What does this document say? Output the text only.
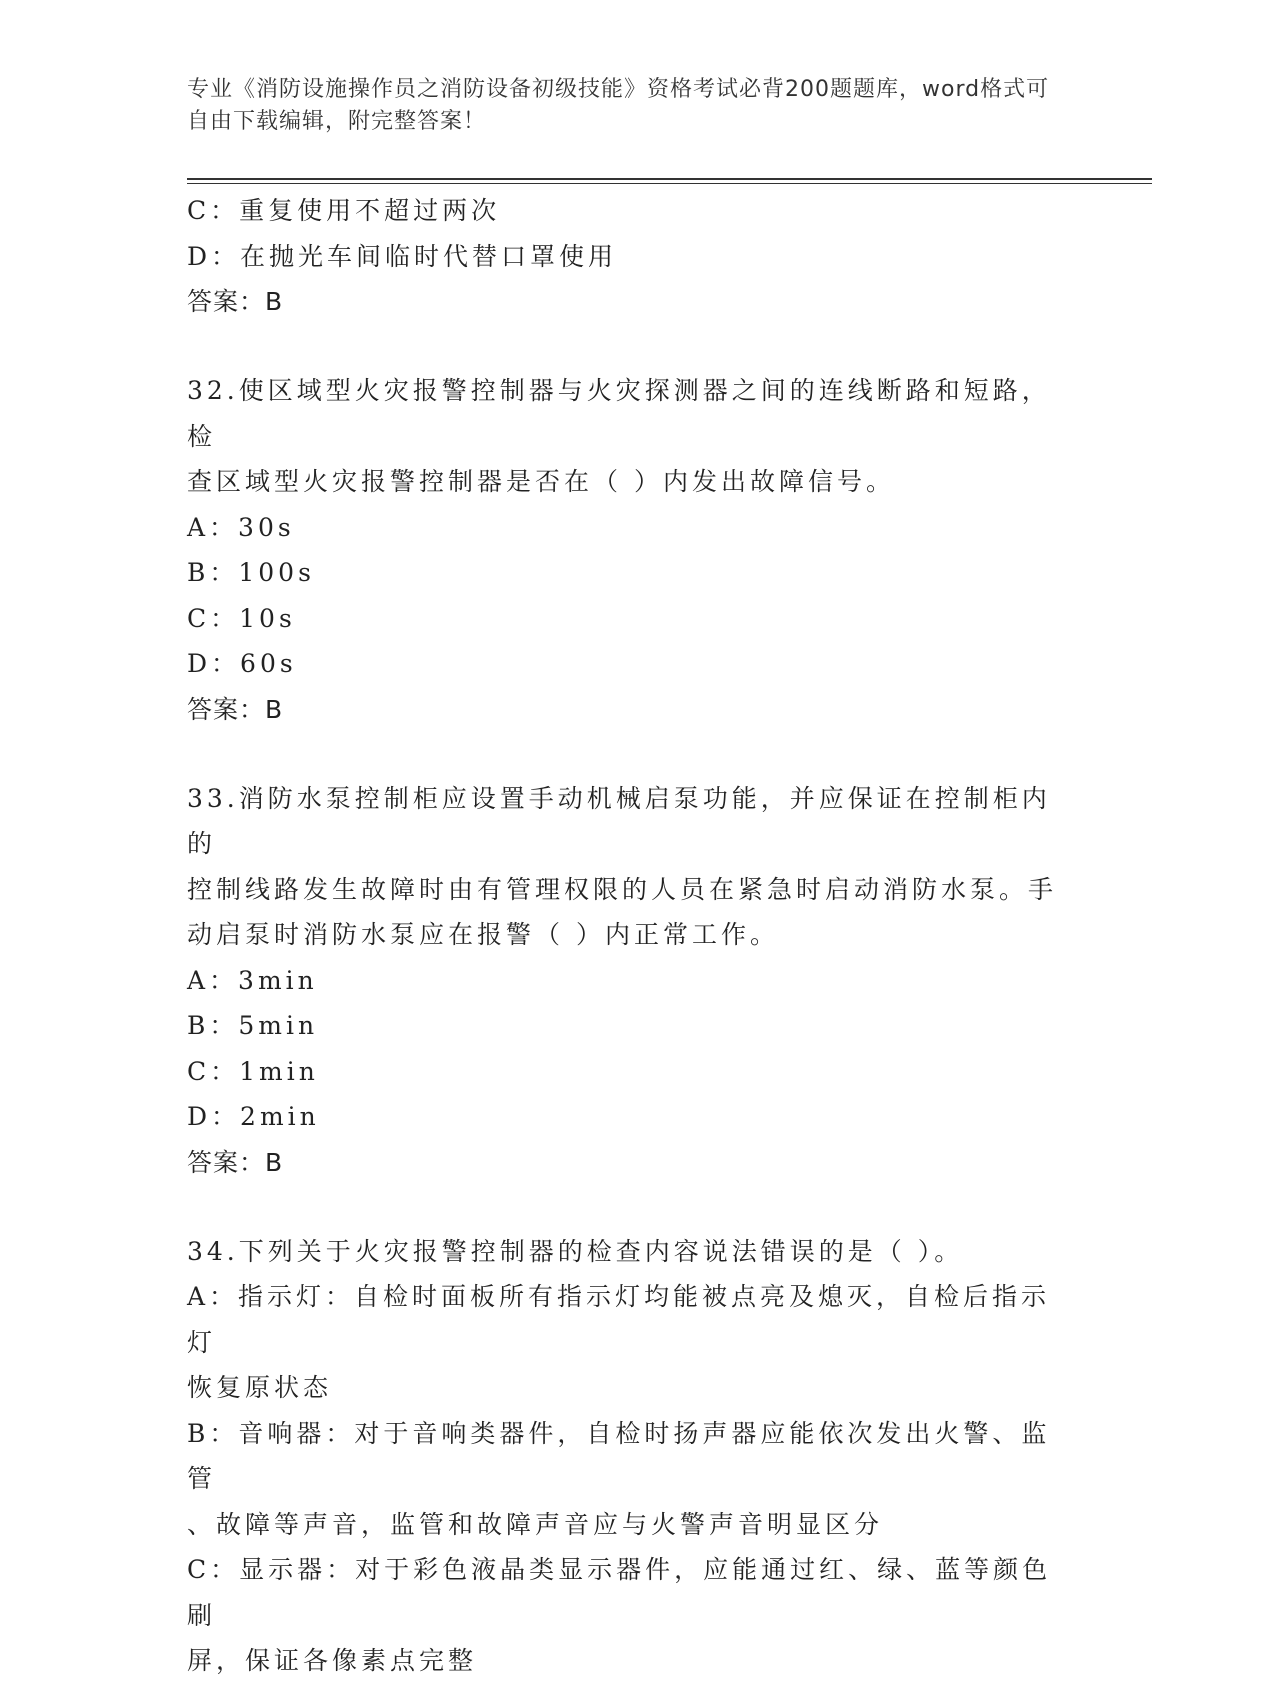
专业《消防设施操作员之消防设备初级技能》资格考试必背200题题库，word格式可自由下载编辑，附完整答案！
C：重复使用不超过两次
D：在抛光车间临时代替口罩使用
答案：B
32.使区域型火灾报警控制器与火灾探测器之间的连线断路和短路，检
查区域型火灾报警控制器是否在（ ）内发出故障信号。
A：30s
B：100s
C：10s
D：60s
答案：B
33.消防水泵控制柜应设置手动机械启泵功能，并应保证在控制柜内的
控制线路发生故障时由有管理权限的人员在紧急时启动消防水泵。手
动启泵时消防水泵应在报警（ ）内正常工作。
A：3min
B：5min
C：1min
D：2min
答案：B
34.下列关于火灾报警控制器的检查内容说法错误的是（ ）。
A：指示灯：自检时面板所有指示灯均能被点亮及熄灭，自检后指示灯
恢复原状态
B：音响器：对于音响类器件，自检时扬声器应能依次发出火警、监管
、故障等声音，监管和故障声音应与火警声音明显区分
C：显示器：对于彩色液晶类显示器件，应能通过红、绿、蓝等颜色刷
屏，保证各像素点完整
